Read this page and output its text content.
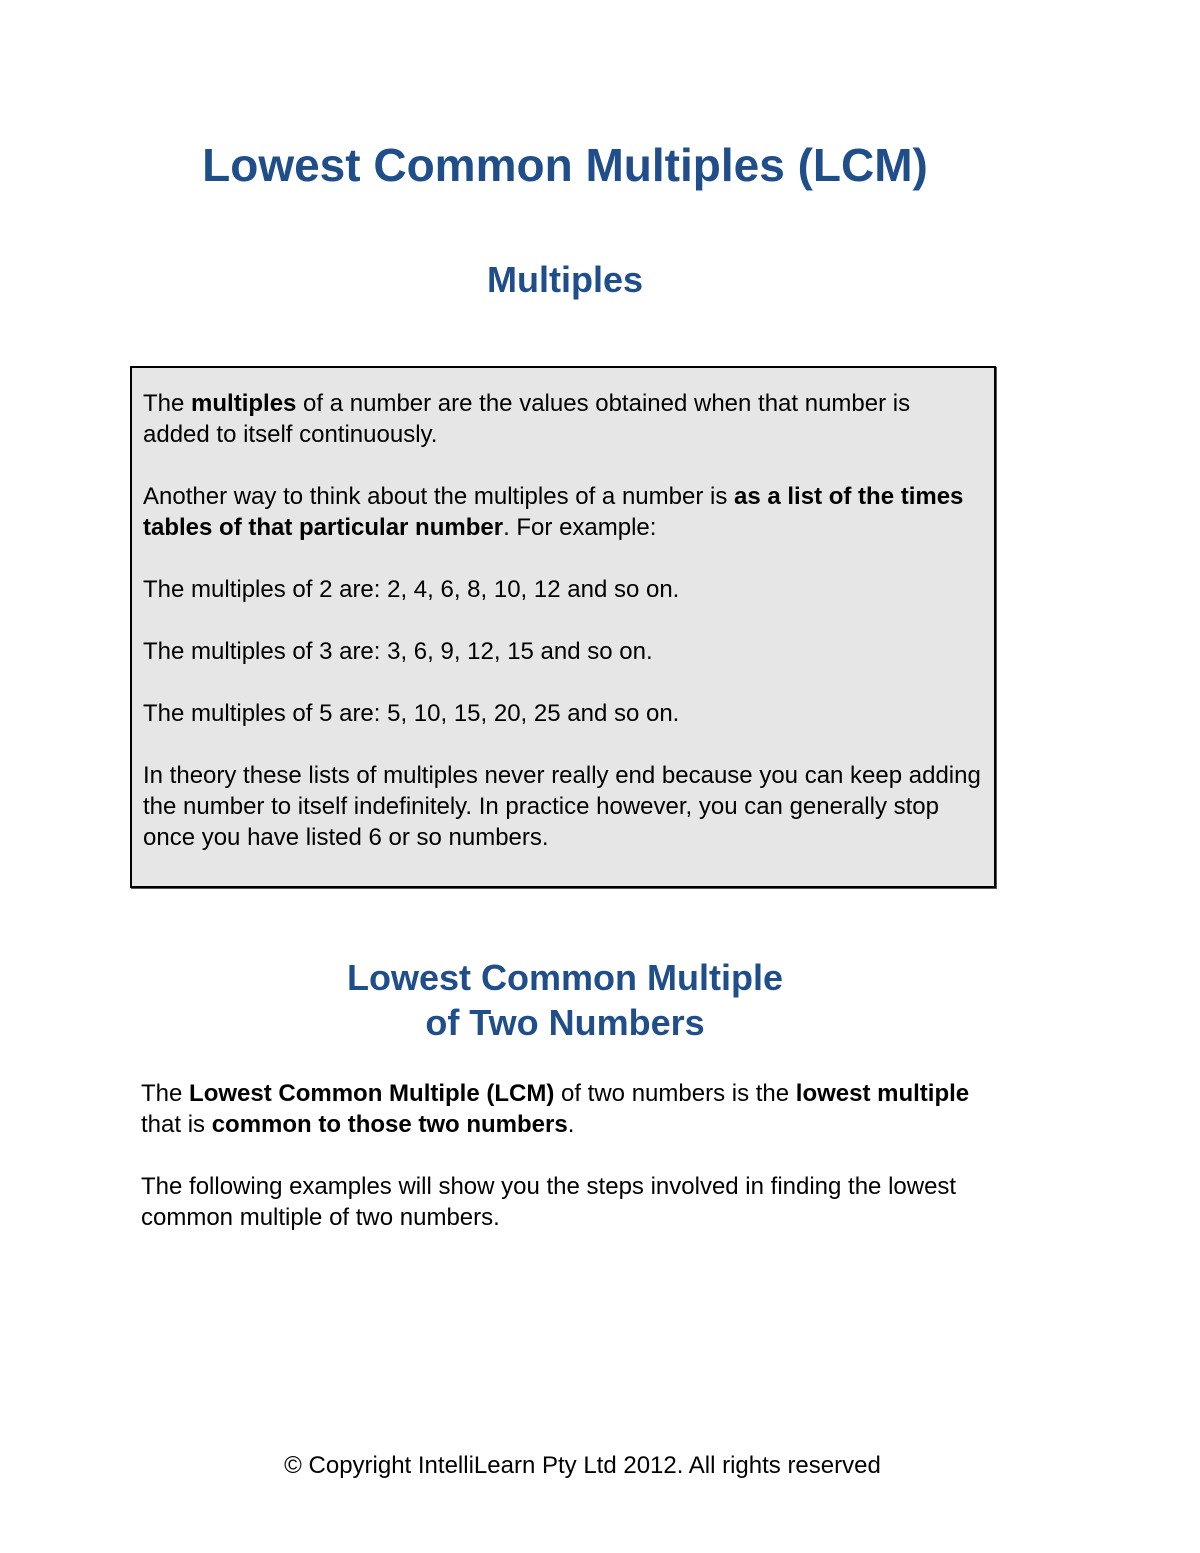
Lowest Common Multiples (LCM)
Multiples

The multiples of a number are the values obtained when that number is added to itself continuously.

Another way to think about the multiples of a number is as a list of the times tables of that particular number. For example:

The multiples of 2 are: 2, 4, 6, 8, 10, 12 and so on.

The multiples of 3 are: 3, 6, 9, 12, 15 and so on.

The multiples of 5 are: 5, 10, 15, 20, 25 and so on.

In theory these lists of multiples never really end because you can keep adding the number to itself indefinitely. In practice however, you can generally stop once you have listed 6 or so numbers.

Lowest Common Multiple
of Two Numbers

The Lowest Common Multiple (LCM) of two numbers is the lowest multiple that is common to those two numbers.

The following examples will show you the steps involved in finding the lowest common multiple of two numbers.

© Copyright IntelliLearn Pty Ltd 2012. All rights reserved
